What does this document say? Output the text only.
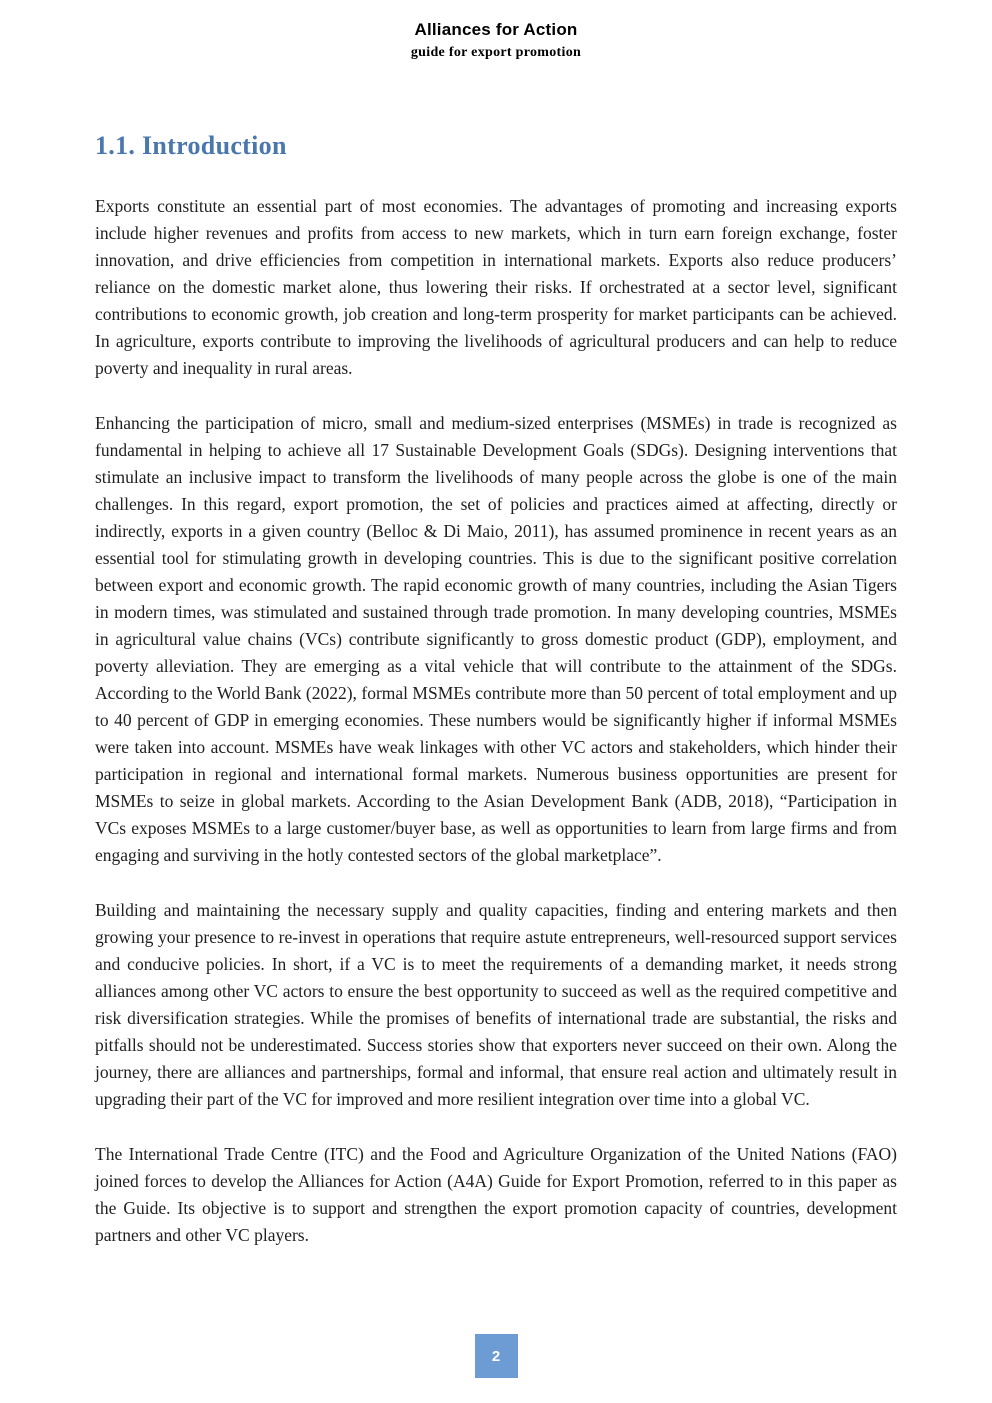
Alliances for Action
guide for export promotion
1.1. Introduction

Exports constitute an essential part of most economies. The advantages of promoting and increasing exports include higher revenues and profits from access to new markets, which in turn earn foreign exchange, foster innovation, and drive efficiencies from competition in international markets. Exports also reduce producers’ reliance on the domestic market alone, thus lowering their risks. If orchestrated at a sector level, significant contributions to economic growth, job creation and long-term prosperity for market participants can be achieved. In agriculture, exports contribute to improving the livelihoods of agricultural producers and can help to reduce poverty and inequality in rural areas.

Enhancing the participation of micro, small and medium-sized enterprises (MSMEs) in trade is recognized as fundamental in helping to achieve all 17 Sustainable Development Goals (SDGs). Designing interventions that stimulate an inclusive impact to transform the livelihoods of many people across the globe is one of the main challenges. In this regard, export promotion, the set of policies and practices aimed at affecting, directly or indirectly, exports in a given country (Belloc & Di Maio, 2011), has assumed prominence in recent years as an essential tool for stimulating growth in developing countries. This is due to the significant positive correlation between export and economic growth. The rapid economic growth of many countries, including the Asian Tigers in modern times, was stimulated and sustained through trade promotion. In many developing countries, MSMEs in agricultural value chains (VCs) contribute significantly to gross domestic product (GDP), employment, and poverty alleviation. They are emerging as a vital vehicle that will contribute to the attainment of the SDGs. According to the World Bank (2022), formal MSMEs contribute more than 50 percent of total employment and up to 40 percent of GDP in emerging economies. These numbers would be significantly higher if informal MSMEs were taken into account. MSMEs have weak linkages with other VC actors and stakeholders, which hinder their participation in regional and international formal markets. Numerous business opportunities are present for MSMEs to seize in global markets. According to the Asian Development Bank (ADB, 2018), “Participation in VCs exposes MSMEs to a large customer/buyer base, as well as opportunities to learn from large firms and from engaging and surviving in the hotly contested sectors of the global marketplace”.

Building and maintaining the necessary supply and quality capacities, finding and entering markets and then growing your presence to re-invest in operations that require astute entrepreneurs, well-resourced support services and conducive policies. In short, if a VC is to meet the requirements of a demanding market, it needs strong alliances among other VC actors to ensure the best opportunity to succeed as well as the required competitive and risk diversification strategies. While the promises of benefits of international trade are substantial, the risks and pitfalls should not be underestimated. Success stories show that exporters never succeed on their own. Along the journey, there are alliances and partnerships, formal and informal, that ensure real action and ultimately result in upgrading their part of the VC for improved and more resilient integration over time into a global VC.

The International Trade Centre (ITC) and the Food and Agriculture Organization of the United Nations (FAO) joined forces to develop the Alliances for Action (A4A) Guide for Export Promotion, referred to in this paper as the Guide. Its objective is to support and strengthen the export promotion capacity of countries, development partners and other VC players.

2
